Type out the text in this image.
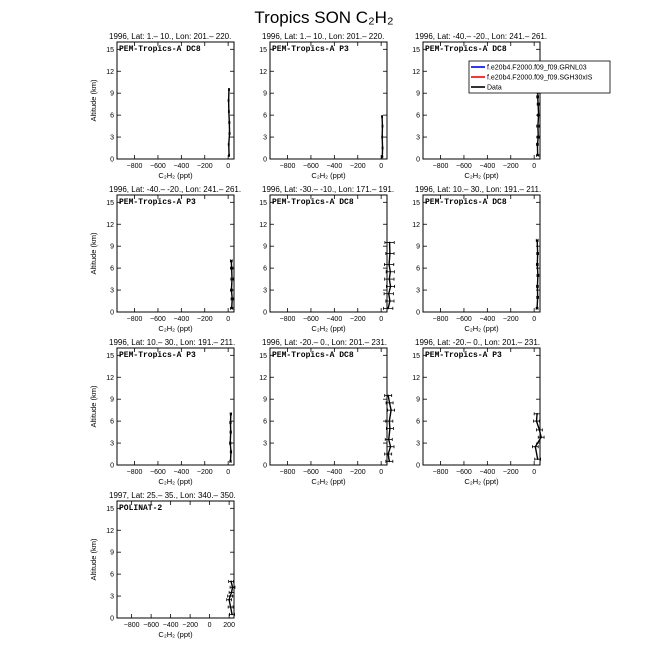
Tropics SON C₂H₂
1996, Lat: 1.– 10., Lon: 201.– 220.
PEM-Tropics-A DC8
−800 −600 −400 −200 0
0
3
6
9
12
15
C₂H₂ (ppt)
Altitude (km)
1996, Lat: 1.– 10., Lon: 201.– 220.
PEM-Tropics-A P3
−800 −600 −400 −200 0
0
3
6
9
12
15
C₂H₂ (ppt)
1996, Lat: -40.– -20., Lon: 241.– 261.
PEM-Tropics-A DC8
−800 −600 −400 −200 0
0
3
6
9
12
15
C₂H₂ (ppt)
1996, Lat: -40.– -20., Lon: 241.– 261.
PEM-Tropics-A P3
−800 −600 −400 −200 0
0
3
6
9
12
15
C₂H₂ (ppt)
Altitude (km)
1996, Lat: -30.– -10., Lon: 171.– 191.
PEM-Tropics-A DC8
−800 −600 −400 −200 0
0
3
6
9
12
15
C₂H₂ (ppt)
1996, Lat: 10.– 30., Lon: 191.– 211.
PEM-Tropics-A DC8
−800 −600 −400 −200 0
0
3
6
9
12
15
C₂H₂ (ppt)
1996, Lat: 10.– 30., Lon: 191.– 211.
PEM-Tropics-A P3
−800 −600 −400 −200 0
0
3
6
9
12
15
C₂H₂ (ppt)
Altitude (km)
1996, Lat: -20.– 0., Lon: 201.– 231.
PEM-Tropics-A DC8
−800 −600 −400 −200 0
0
3
6
9
12
15
C₂H₂ (ppt)
1996, Lat: -20.– 0., Lon: 201.– 231.
PEM-Tropics-A P3
−800 −600 −400 −200 0
0
3
6
9
12
15
C₂H₂ (ppt)
1997, Lat: 25.– 35., Lon: 340.– 350.
POLINAT-2
−800 −600 −400 −200 0 200
0
3
6
9
12
15
C₂H₂ (ppt)
Altitude (km)
f.e20b4.F2000.f09_f09.GRNL03
f.e20b4.F2000.f09_f09.SGH30xIS
Data
